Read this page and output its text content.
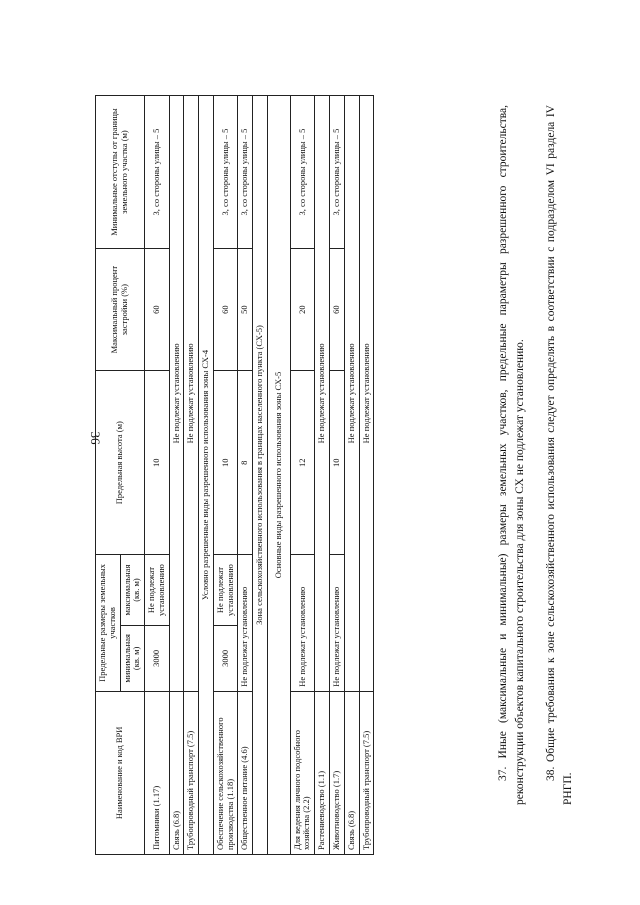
36
Наименование и код ВРИ	Предельные размеры земельных участков		Предельная высота (м)	Максимальный процент застройки (%)	Минимальные отступы от границы земельного участка (м)
	минимальная (кв. м)	максимальная (кв. м)			
Питомники (1.17)	3000	Не подлежат установлению	10	60	3, со стороны улицы – 5
Связь (6.8)	Не подлежат установлению				
Трубопроводный транспорт (7.5)	Не подлежат установлению				
Условно разрешенные виды разрешенного использования зоны СХ-4					
Обеспечение сельскохозяйственного производства (1.18)	3000	Не подлежат установлению	10	60	3, со стороны улицы – 5
Общественное питание (4.6)	Не подлежат установлению		8	50	3, со стороны улицы – 5
Зона сельскохозяйственного использования в границах населенного пункта (СХ-5)					
Основные виды разрешенного использования зоны СХ-5					
Для ведения личного подсобного хозяйства (2.2)	Не подлежат установлению		12	20	3, со стороны улицы – 5
Растениеводство (1.1)	Не подлежат установлению				
Животноводство (1.7)	Не подлежат установлению		10	60	3, со стороны улицы – 5
Связь (6.8)	Не подлежат установлению				
Трубопроводный транспорт (7.5)	Не подлежат установлению					37. Иные (максимальные и минимальные) размеры земельных участков, предельные параметры разрешенного строительства, реконструкции объектов капитального строительства для зоны СХ не подлежат установлению. 38. Общие требования к зоне сельскохозяйственного использования следует определять в соответствии с подразделом VI раздела IV РНГП.
